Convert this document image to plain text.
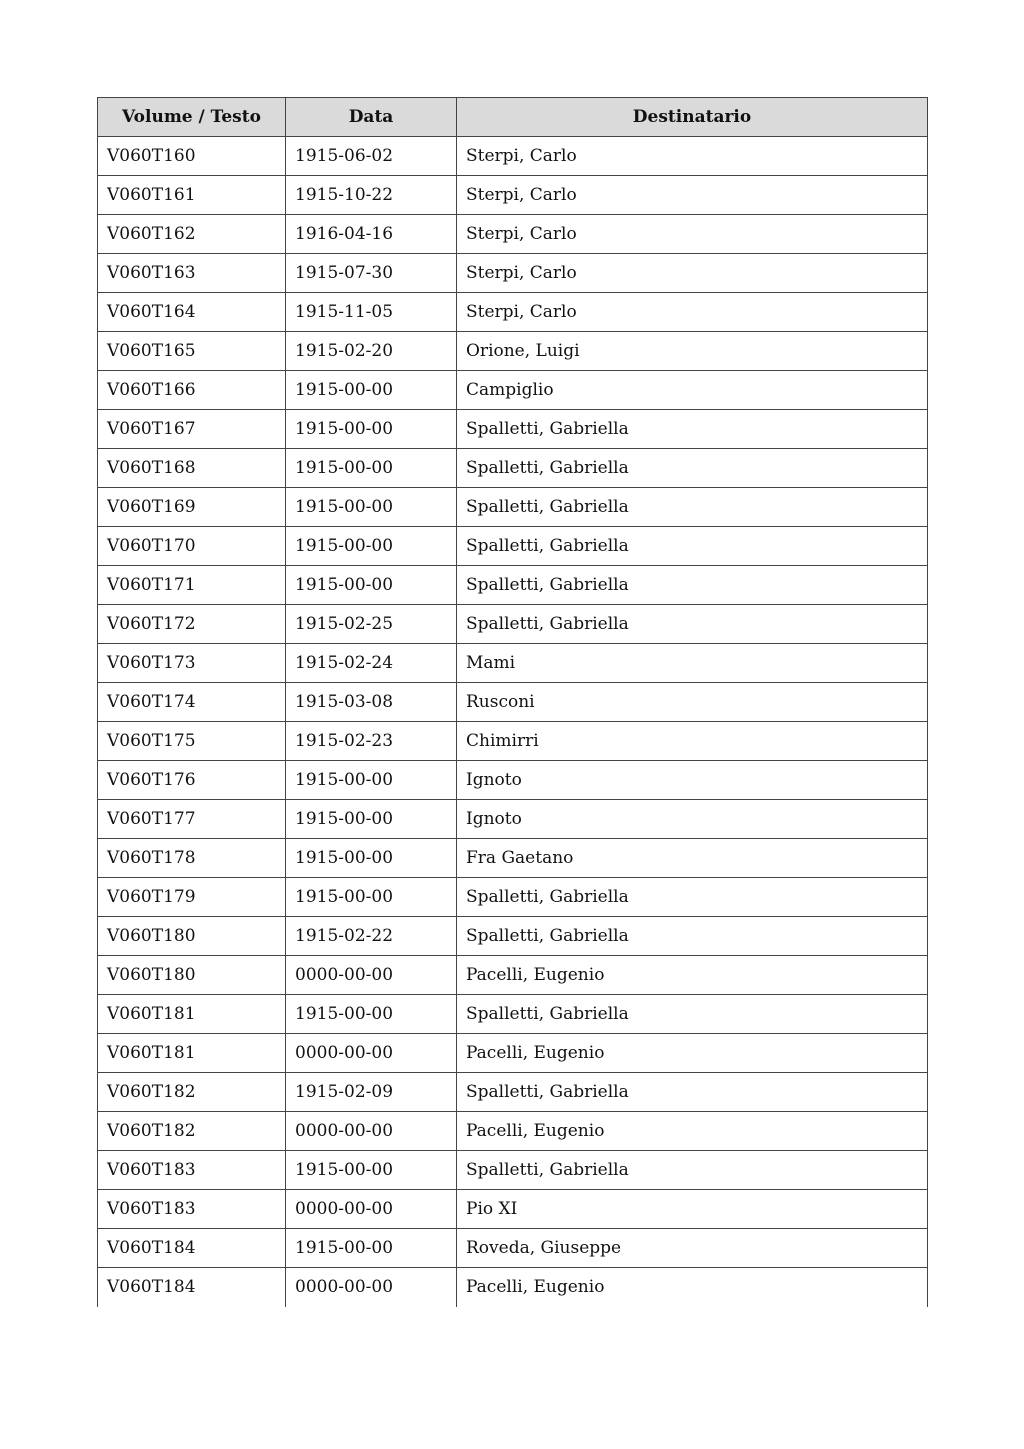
Volume / Testo	Data	Destinatario
V060T160	1915-06-02	Sterpi, Carlo
V060T161	1915-10-22	Sterpi, Carlo
V060T162	1916-04-16	Sterpi, Carlo
V060T163	1915-07-30	Sterpi, Carlo
V060T164	1915-11-05	Sterpi, Carlo
V060T165	1915-02-20	Orione, Luigi
V060T166	1915-00-00	Campiglio
V060T167	1915-00-00	Spalletti, Gabriella
V060T168	1915-00-00	Spalletti, Gabriella
V060T169	1915-00-00	Spalletti, Gabriella
V060T170	1915-00-00	Spalletti, Gabriella
V060T171	1915-00-00	Spalletti, Gabriella
V060T172	1915-02-25	Spalletti, Gabriella
V060T173	1915-02-24	Mami
V060T174	1915-03-08	Rusconi
V060T175	1915-02-23	Chimirri
V060T176	1915-00-00	Ignoto
V060T177	1915-00-00	Ignoto
V060T178	1915-00-00	Fra Gaetano
V060T179	1915-00-00	Spalletti, Gabriella
V060T180	1915-02-22	Spalletti, Gabriella
V060T180	0000-00-00	Pacelli, Eugenio
V060T181	1915-00-00	Spalletti, Gabriella
V060T181	0000-00-00	Pacelli, Eugenio
V060T182	1915-02-09	Spalletti, Gabriella
V060T182	0000-00-00	Pacelli, Eugenio
V060T183	1915-00-00	Spalletti, Gabriella
V060T183	0000-00-00	Pio XI
V060T184	1915-00-00	Roveda, Giuseppe
V060T184	0000-00-00	Pacelli, Eugenio
